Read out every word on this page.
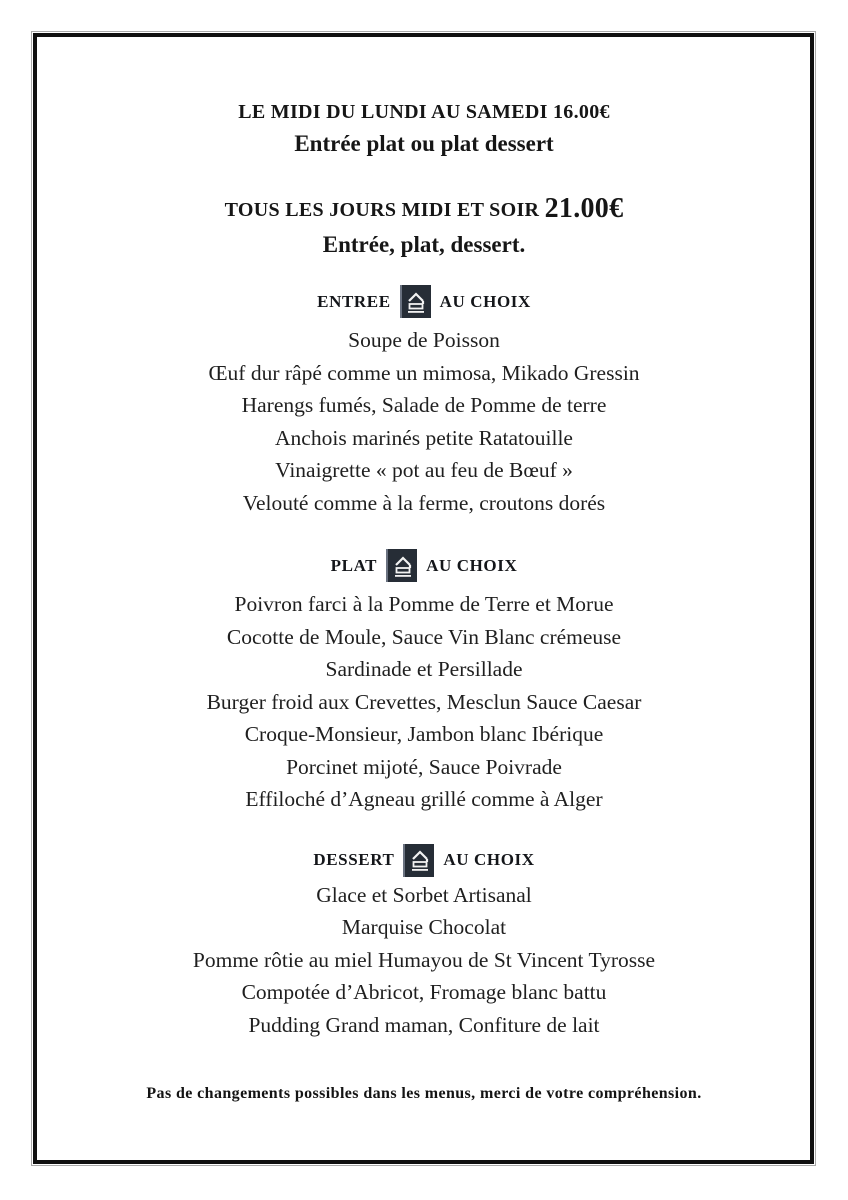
LE MIDI DU LUNDI AU SAMEDI 16.00€
Entrée plat ou plat dessert
TOUS LES JOURS MIDI ET SOIR 21.00€
Entrée, plat, dessert.
ENTREE	AU CHOIX
Soupe de Poisson
Œuf dur râpé comme un mimosa, Mikado Gressin
Harengs fumés, Salade de Pomme de terre
Anchois marinés petite Ratatouille
Vinaigrette « pot au feu de Bœuf »
Velouté comme à la ferme, croutons dorés
PLAT	AU CHOIX
Poivron farci à la Pomme de Terre et Morue
Cocotte de Moule, Sauce Vin Blanc crémeuse
Sardinade et Persillade
Burger froid aux Crevettes, Mesclun Sauce Caesar
Croque-Monsieur, Jambon blanc Ibérique
Porcinet mijoté, Sauce Poivrade
Effiloché d’Agneau grillé comme à Alger
DESSERT	AU CHOIX
Glace et Sorbet Artisanal
Marquise Chocolat
Pomme rôtie au miel Humayou de St Vincent Tyrosse
Compotée d’Abricot, Fromage blanc battu
Pudding Grand maman, Confiture de lait
Pas de changements possibles dans les menus, merci de votre compréhension.
